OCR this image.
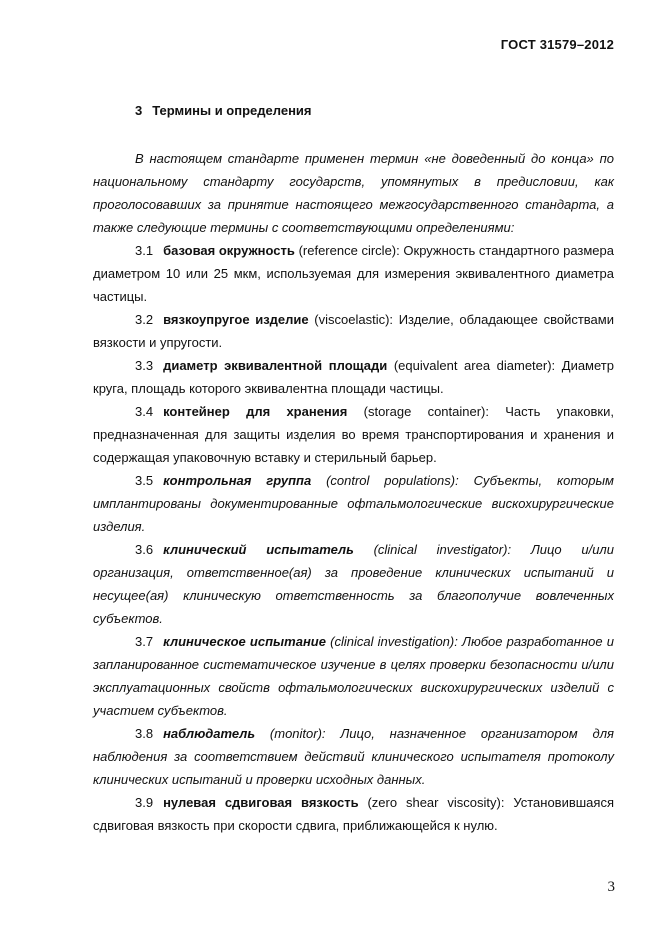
ГОСТ 31579–2012
3 Термины и определения

В настоящем стандарте применен термин «не доведенный до конца» по национальному стандарту государств, упомянутых в предисловии, как проголосовавших за принятие настоящего межгосударственного стандарта, а также следующие термины с соответствующими определениями:

3.1 базовая окружность (reference circle): Окружность стандартного размера диаметром 10 или 25 мкм, используемая для измерения эквивалентного диаметра частицы.

3.2 вязкоупругое изделие (viscoelastic): Изделие, обладающее свойствами вязкости и упругости.

3.3 диаметр эквивалентной площади (equivalent area diameter): Диаметр круга, площадь которого эквивалентна площади частицы.

3.4 контейнер для хранения (storage container): Часть упаковки, предназначенная для защиты изделия во время транспортирования и хранения и содержащая упаковочную вставку и стерильный барьер.

3.5 контрольная группа (control populations): Субъекты, которым имплантированы документированные офтальмологические вискохирургические изделия.

3.6 клинический испытатель (clinical investigator): Лицо и/или организация, ответственное(ая) за проведение клинических испытаний и несущее(ая) клиническую ответственность за благополучие вовлеченных субъектов.

3.7 клиническое испытание (clinical investigation): Любое разработанное и запланированное систематическое изучение в целях проверки безопасности и/или эксплуатационных свойств офтальмологических вискохирургических изделий с участием субъектов.

3.8 наблюдатель (monitor): Лицо, назначенное организатором для наблюдения за соответствием действий клинического испытателя протоколу клинических испытаний и проверки исходных данных.

3.9 нулевая сдвиговая вязкость (zero shear viscosity): Установившаяся сдвиговая вязкость при скорости сдвига, приближающейся к нулю.

3
